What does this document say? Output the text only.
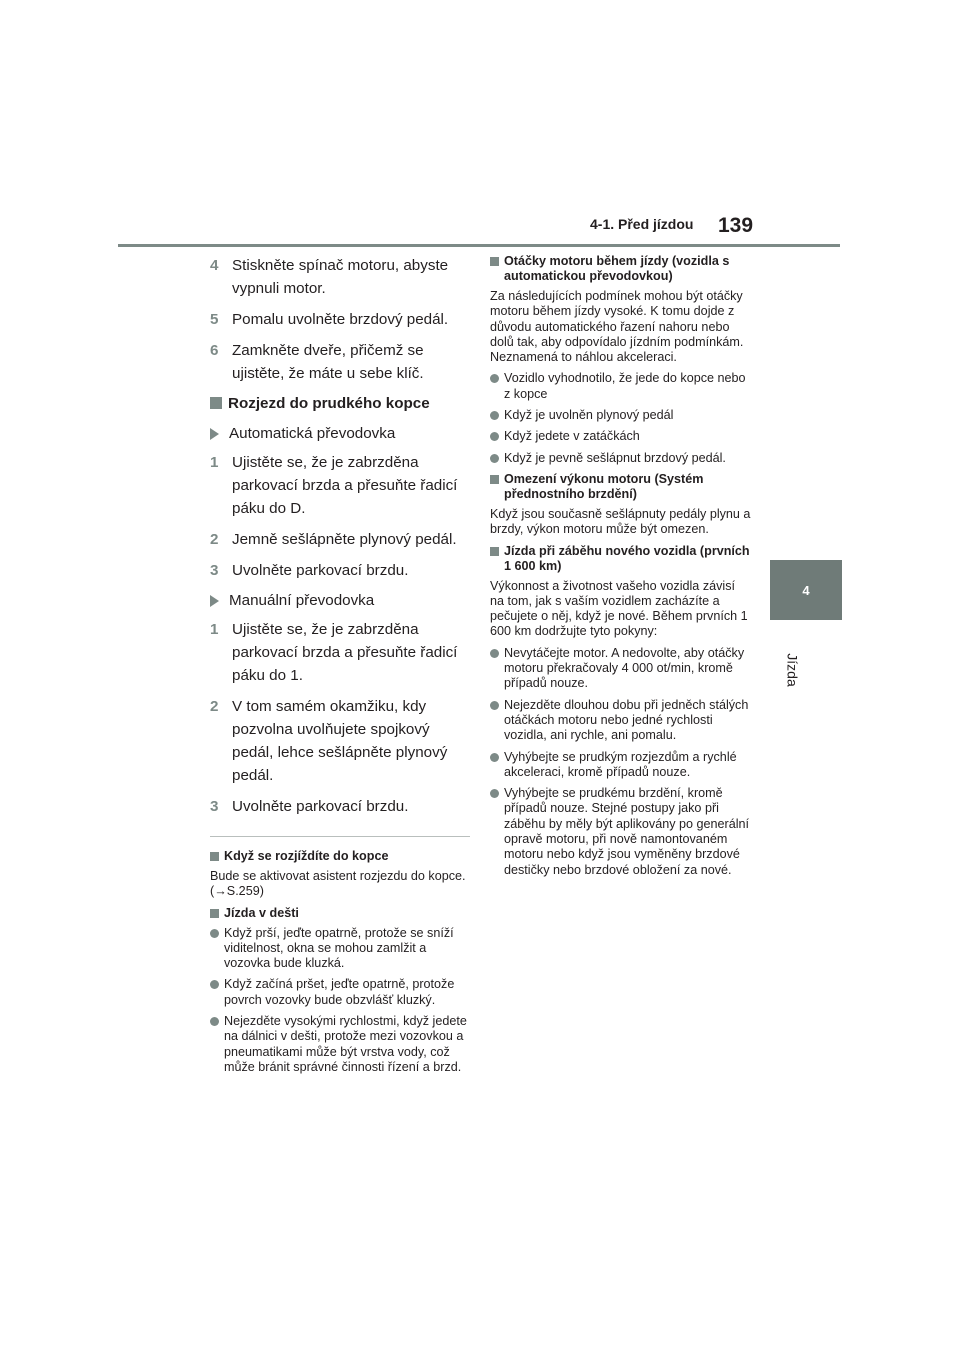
4-1. Před jízdou 139
4
Jízda
4 Stiskněte spínač motoru, abyste vypnuli motor.
5 Pomalu uvolněte brzdový pedál.
6 Zamkněte dveře, přičemž se ujistěte, že máte u sebe klíč.
Rozjezd do prudkého kopce
Automatická převodovka
1 Ujistěte se, že je zabrzděna parkovací brzda a přesuňte řadicí páku do D.
2 Jemně sešlápněte plynový pedál.
3 Uvolněte parkovací brzdu.
Manuální převodovka
1 Ujistěte se, že je zabrzděna parkovací brzda a přesuňte řadicí páku do 1.
2 V tom samém okamžiku, kdy pozvolna uvolňujete spojkový pedál, lehce sešlápněte plynový pedál.
3 Uvolněte parkovací brzdu.
Když se rozjíždíte do kopce
Bude se aktivovat asistent rozjezdu do kopce. (→S.259)
Jízda v dešti
Když prší, jeďte opatrně, protože se sníží viditelnost, okna se mohou zamlžit a vozovka bude kluzká.
Když začíná pršet, jeďte opatrně, protože povrch vozovky bude obzvlášť kluzký.
Nejezděte vysokými rychlostmi, když jedete na dálnici v dešti, protože mezi vozovkou a pneumatikami může být vrstva vody, což může bránit správné činnosti řízení a brzd.
Otáčky motoru během jízdy (vozidla s automatickou převodovkou)
Za následujících podmínek mohou být otáčky motoru během jízdy vysoké. K tomu dojde z důvodu automatického řazení nahoru nebo dolů tak, aby odpovídalo jízdním podmínkám. Neznamená to náhlou akceleraci.
Vozidlo vyhodnotilo, že jede do kopce nebo z kopce
Když je uvolněn plynový pedál
Když jedete v zatáčkách
Když je pevně sešlápnut brzdový pedál.
Omezení výkonu motoru (Systém přednostního brzdění)
Když jsou současně sešlápnuty pedály plynu a brzdy, výkon motoru může být omezen.
Jízda při záběhu nového vozidla (prvních 1 600 km)
Výkonnost a životnost vašeho vozidla závisí na tom, jak s vaším vozidlem zacházíte a pečujete o něj, když je nové. Během prvních 1 600 km dodržujte tyto pokyny:
Nevytáčejte motor. A nedovolte, aby otáčky motoru překračovaly 4 000 ot/min, kromě případů nouze.
Nejezděte dlouhou dobu při jedněch stálých otáčkách motoru nebo jedné rychlosti vozidla, ani rychle, ani pomalu.
Vyhýbejte se prudkým rozjezdům a rychlé akceleraci, kromě případů nouze.
Vyhýbejte se prudkému brzdění, kromě případů nouze. Stejné postupy jako při záběhu by měly být aplikovány po generální opravě motoru, při nově namontovaném motoru nebo když jsou vyměněny brzdové destičky nebo brzdové obložení za nové.
